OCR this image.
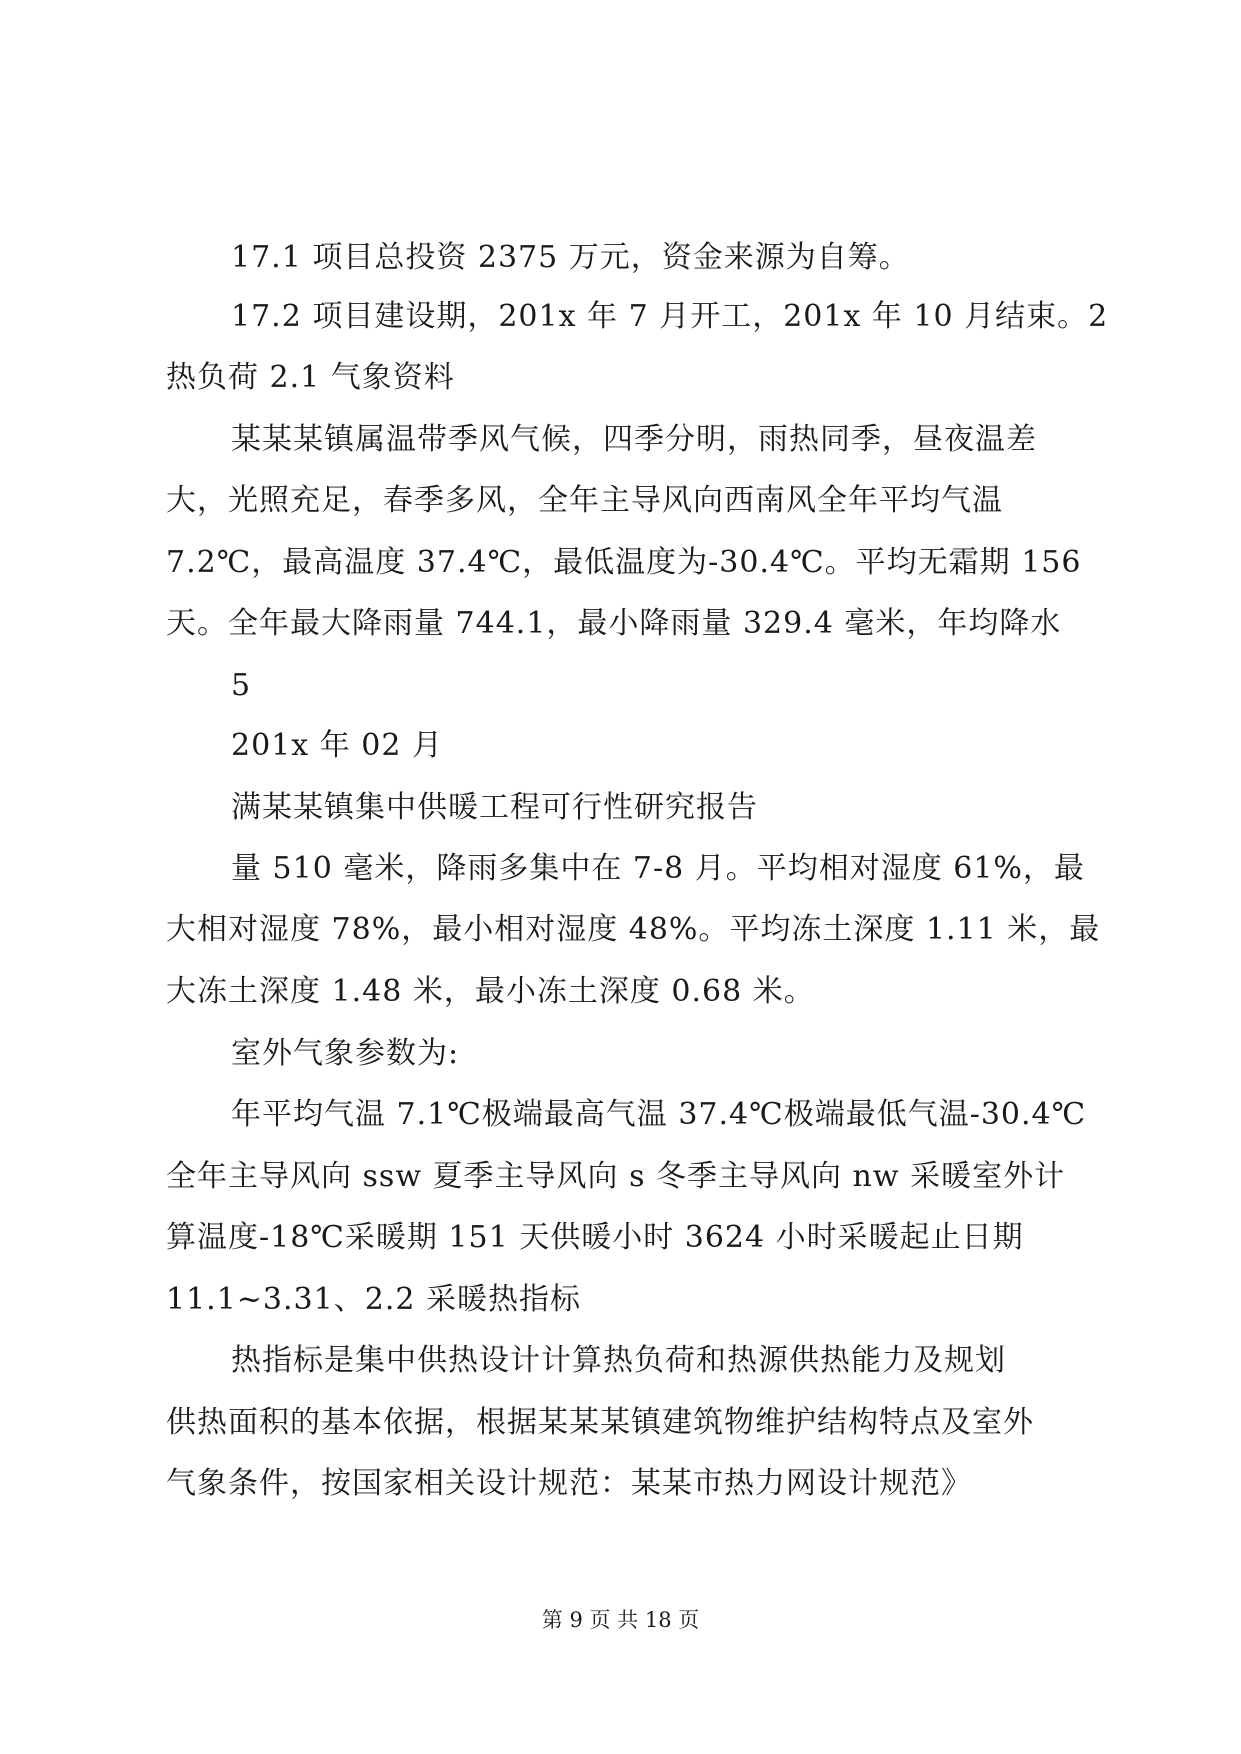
17.1 项目总投资 2375 万元，资金来源为自筹。
17.2 项目建设期，201x 年 7 月开工，201x 年 10 月结束。2
热负荷 2.1 气象资料
某某某镇属温带季风气候，四季分明，雨热同季，昼夜温差
大，光照充足，春季多风，全年主导风向西南风全年平均气温
7.2℃，最高温度 37.4℃，最低温度为-30.4℃。平均无霜期 156
天。全年最大降雨量 744.1，最小降雨量 329.4 毫米，年均降水
5
201x 年 02 月
满某某镇集中供暖工程可行性研究报告
量 510 毫米，降雨多集中在 7-8 月。平均相对湿度 61%，最
大相对湿度 78%，最小相对湿度 48%。平均冻土深度 1.11 米，最
大冻土深度 1.48 米，最小冻土深度 0.68 米。
室外气象参数为:
年平均气温 7.1℃极端最高气温 37.4℃极端最低气温-30.4℃
全年主导风向 ssw 夏季主导风向 s 冬季主导风向 nw 采暖室外计
算温度-18℃采暖期 151 天供暖小时 3624 小时采暖起止日期
11.1~3.31、2.2 采暖热指标
热指标是集中供热设计计算热负荷和热源供热能力及规划
供热面积的基本依据，根据某某某镇建筑物维护结构特点及室外
气象条件，按国家相关设计规范：某某市热力网设计规范》
第 9 页 共 18 页
